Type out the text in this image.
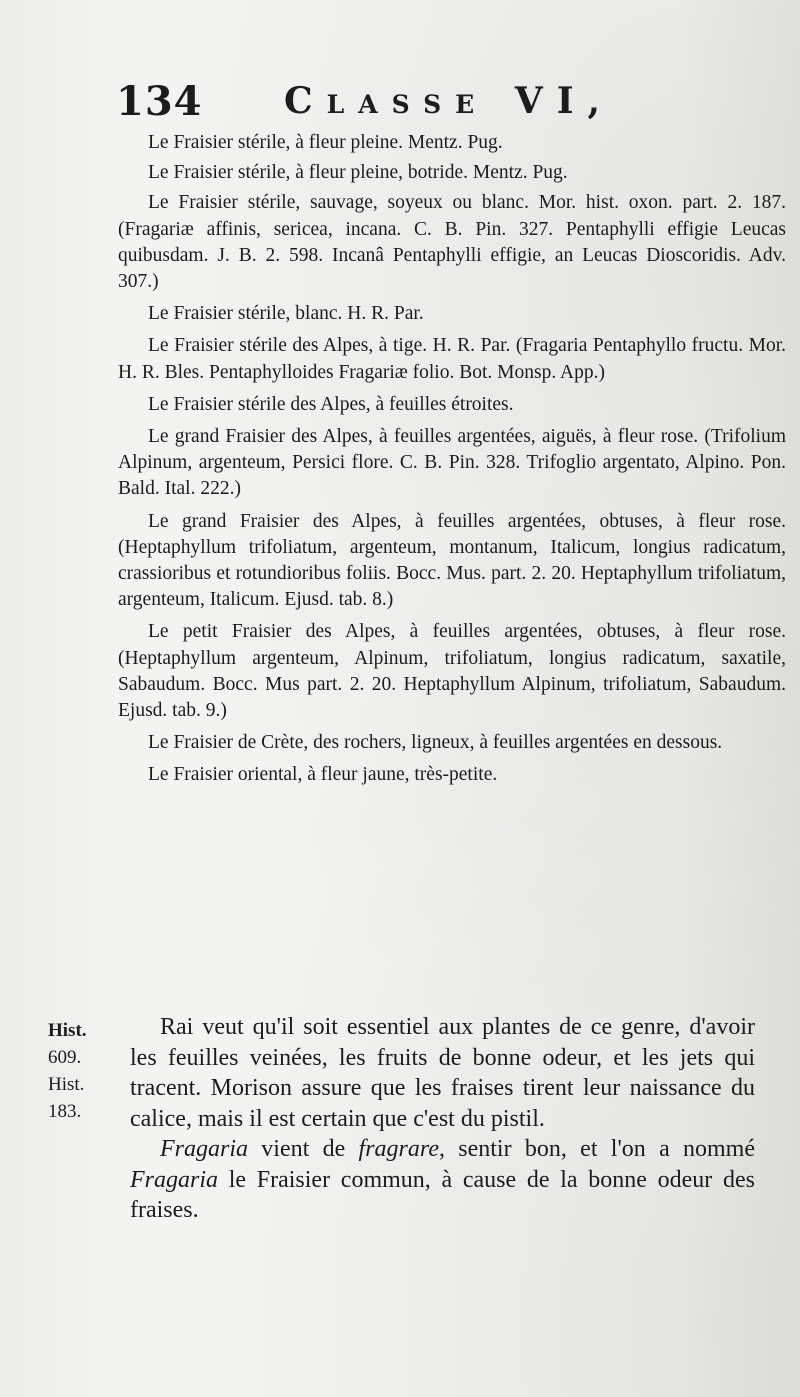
134 Classe VI,

Le Fraisier stérile, à fleur pleine. Mentz. Pug.

Le Fraisier stérile, à fleur pleine, botride. Mentz. Pug.

Le Fraisier stérile, sauvage, soyeux ou blanc. Mor. hist. oxon. part. 2. 187. (Fragariæ affinis, sericea, incana. C. B. Pin. 327. Pentaphylli effigie Leucas quibusdam. J. B. 2. 598. Incanâ Pentaphylli effigie, an Leucas Dioscoridis. Adv. 307.)

Le Fraisier stérile, blanc. H. R. Par.

Le Fraisier stérile des Alpes, à tige. H. R. Par. (Fragaria Pentaphyllo fructu. Mor. H. R. Bles. Pentaphylloides Fragariæ folio. Bot. Monsp. App.)

Le Fraisier stérile des Alpes, à feuilles étroites.

Le grand Fraisier des Alpes, à feuilles argentées, aiguës, à fleur rose. (Trifolium Alpinum, argenteum, Persici flore. C. B. Pin. 328. Trifoglio argentato, Alpino. Pon. Bald. Ital. 222.)

Le grand Fraisier des Alpes, à feuilles argentées, obtuses, à fleur rose. (Heptaphyllum trifoliatum, argenteum, montanum, Italicum, longius radicatum, crassioribus et rotundioribus foliis. Bocc. Mus. part. 2. 20. Heptaphyllum trifoliatum, argenteum, Italicum. Ejusd. tab. 8.)

Le petit Fraisier des Alpes, à feuilles argentées, obtuses, à fleur rose. (Heptaphyllum argenteum, Alpinum, trifoliatum, longius radicatum, saxatile, Sabaudum. Bocc. Mus part. 2. 20. Heptaphyllum Alpinum, trifoliatum, Sabaudum. Ejusd. tab. 9.)

Le Fraisier de Crète, des rochers, ligneux, à feuilles argentées en dessous.

Le Fraisier oriental, à fleur jaune, très-petite.

Hist.
609.
Hist.
183.

Rai veut qu'il soit essentiel aux plantes de ce genre, d'avoir les feuilles veinées, les fruits de bonne odeur, et les jets qui tracent. Morison assure que les fraises tirent leur naissance du calice, mais il est certain que c'est du pistil.

Fragaria vient de fragrare, sentir bon, et l'on a nommé Fragaria le Fraisier commun, à cause de la bonne odeur des fraises.
